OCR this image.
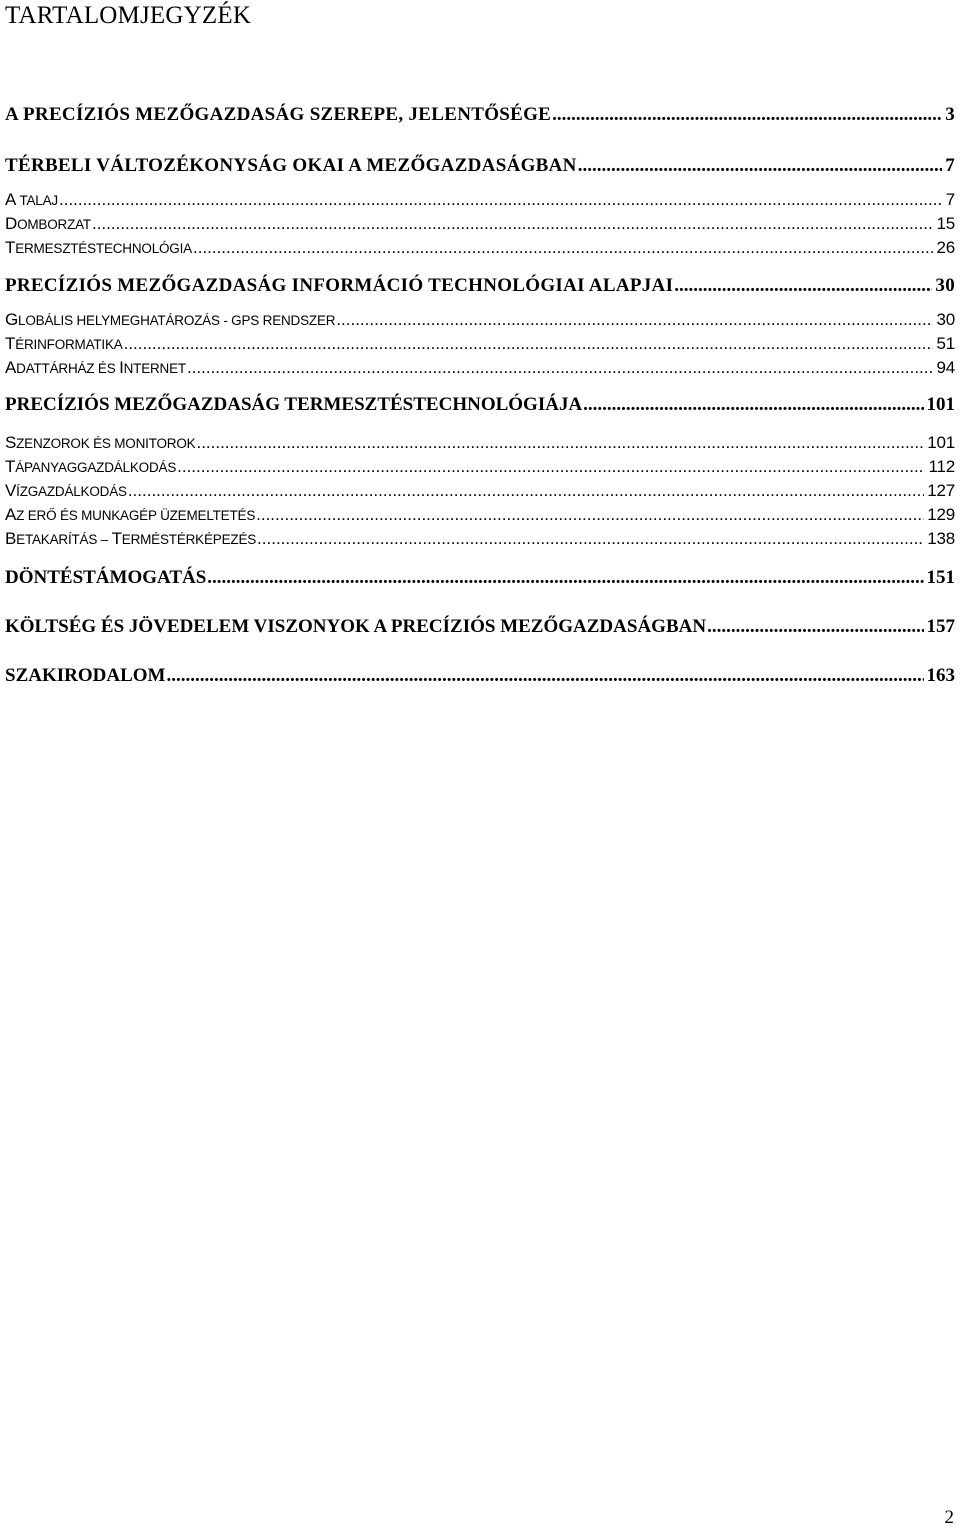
TARTALOMJEGYZÉK
A PRECÍZIÓS MEZŐGAZDASÁG SZEREPE, JELENTŐSÉGE .....	3
TÉRBELI VÁLTOZÉKONYSÁG OKAI A MEZŐGAZDASÁGBAN .....	7
A TALAJ .....	7
DOMBORZAT .....	15
TERMESZTÉSTECHNOLÓGIA .....	26
PRECÍZIÓS MEZŐGAZDASÁG INFORMÁCIÓ TECHNOLÓGIAI ALAPJAI .....	30
GLOBÁLIS HELYMEGHATÁROZÁS - GPS RENDSZER .....	30
TÉRINFORMATIKA .....	51
ADATTÁRHÁZ ÉS INTERNET .....	94
PRECÍZIÓS MEZŐGAZDASÁG TERMESZTÉSTECHNOLÓGIÁJA .....	101
SZENZOROK ÉS MONITOROK .....	101
TÁPANYAGGAZDÁLKODÁS .....	112
VÍZGAZDÁLKODÁS .....	127
AZ ERŐ ÉS MUNKAGÉP ÜZEMELTETÉS .....	129
BETAKARÍTÁS – TERMÉSTÉRKÉPEZÉS .....	138
DÖNTÉSTÁMOGATÁS .....	151
KÖLTSÉG ÉS JÖVEDELEM VISZONYOK A PRECÍZIÓS MEZŐGAZDASÁGBAN .....	157
SZAKIRODALOM .....	163
2
